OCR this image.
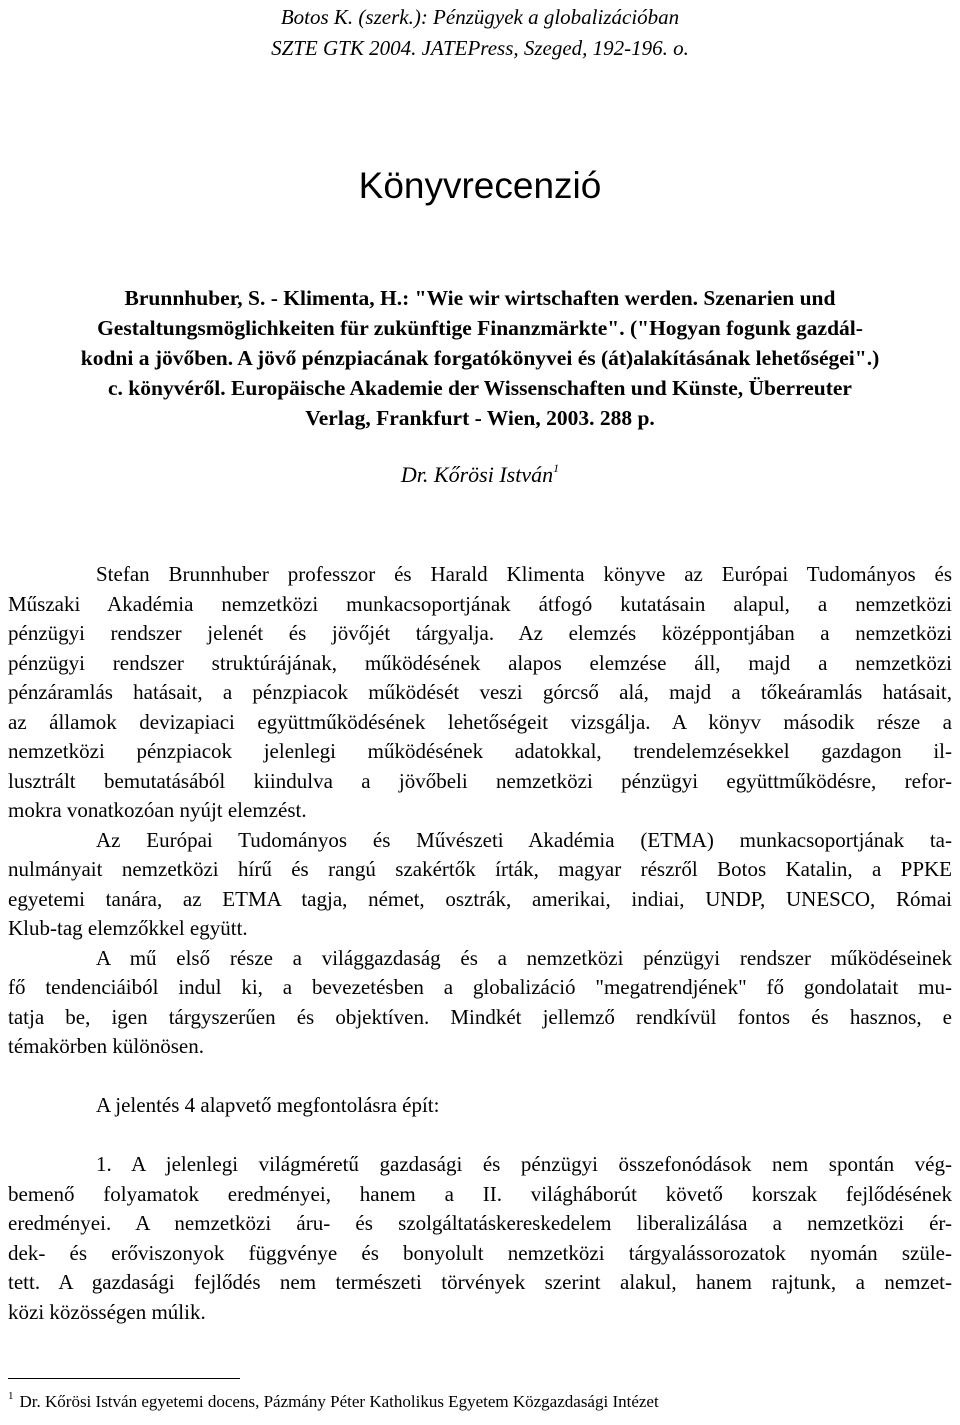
Botos K. (szerk.): Pénzügyek a globalizációban
SZTE GTK 2004. JATEPress, Szeged, 192-196. o.
Könyvrecenzió
Brunnhuber, S. - Klimenta, H.: "Wie wir wirtschaften werden. Szenarien und
Gestaltungsmöglichkeiten für zukünftige Finanzmärkte". ("Hogyan fogunk gazdál-
kodni a jövőben. A jövő pénzpiacának forgatókönyvei és (át)alakításának lehetőségei".)
c. könyvéről. Europäische Akademie der Wissenschaften und Künste, Überreuter
Verlag, Frankfurt - Wien, 2003. 288 p.
Dr. Kőrösi István$^1$
Stefan Brunnhuber professzor és Harald Klimenta könyve az Európai Tudományos és
Műszaki Akadémia nemzetközi munkacsoportjának átfogó kutatásain alapul, a nemzetközi
pénzügyi rendszer jelenét és jövőjét tárgyalja. Az elemzés középpontjában a nemzetközi
pénzügyi rendszer struktúrájának, működésének alapos elemzése áll, majd a nemzetközi
pénzáramlás hatásait, a pénzpiacok működését veszi górcső alá, majd a tőkeáramlás hatásait,
az államok devizapiaci együttműködésének lehetőségeit vizsgálja. A könyv második része a
nemzetközi pénzpiacok jelenlegi működésének adatokkal, trendelemzésekkel gazdagon il-
lusztrált bemutatásából kiindulva a jövőbeli nemzetközi pénzügyi együttműködésre, refor-
mokra vonatkozóan nyújt elemzést.
Az Európai Tudományos és Művészeti Akadémia (ETMA) munkacsoportjának ta-
nulmányait nemzetközi hírű és rangú szakértők írták, magyar részről Botos Katalin, a PPKE
egyetemi tanára, az ETMA tagja, német, osztrák, amerikai, indiai, UNDP, UNESCO, Római
Klub-tag elemzőkkel együtt.
A mű első része a világgazdaság és a nemzetközi pénzügyi rendszer működéseinek
fő tendenciáiból indul ki, a bevezetésben a globalizáció "megatrendjének" fő gondolatait mu-
tatja be, igen tárgyszerűen és objektíven. Mindkét jellemző rendkívül fontos és hasznos, e
témakörben különösen.
A jelentés 4 alapvető megfontolásra épít:
1. A jelenlegi világméretű gazdasági és pénzügyi összefonódások nem spontán vég-
bemenő folyamatok eredményei, hanem a II. világháborút követő korszak fejlődésének
eredményei. A nemzetközi áru- és szolgáltatáskereskedelem liberalizálása a nemzetközi ér-
dek- és erőviszonyok függvénye és bonyolult nemzetközi tárgyalássorozatok nyomán szüle-
tett. A gazdasági fejlődés nem természeti törvények szerint alakul, hanem rajtunk, a nemzet-
közi közösségen múlik.
$^1$ Dr. Kőrösi István egyetemi docens, Pázmány Péter Katholikus Egyetem Közgazdasági Intézet
